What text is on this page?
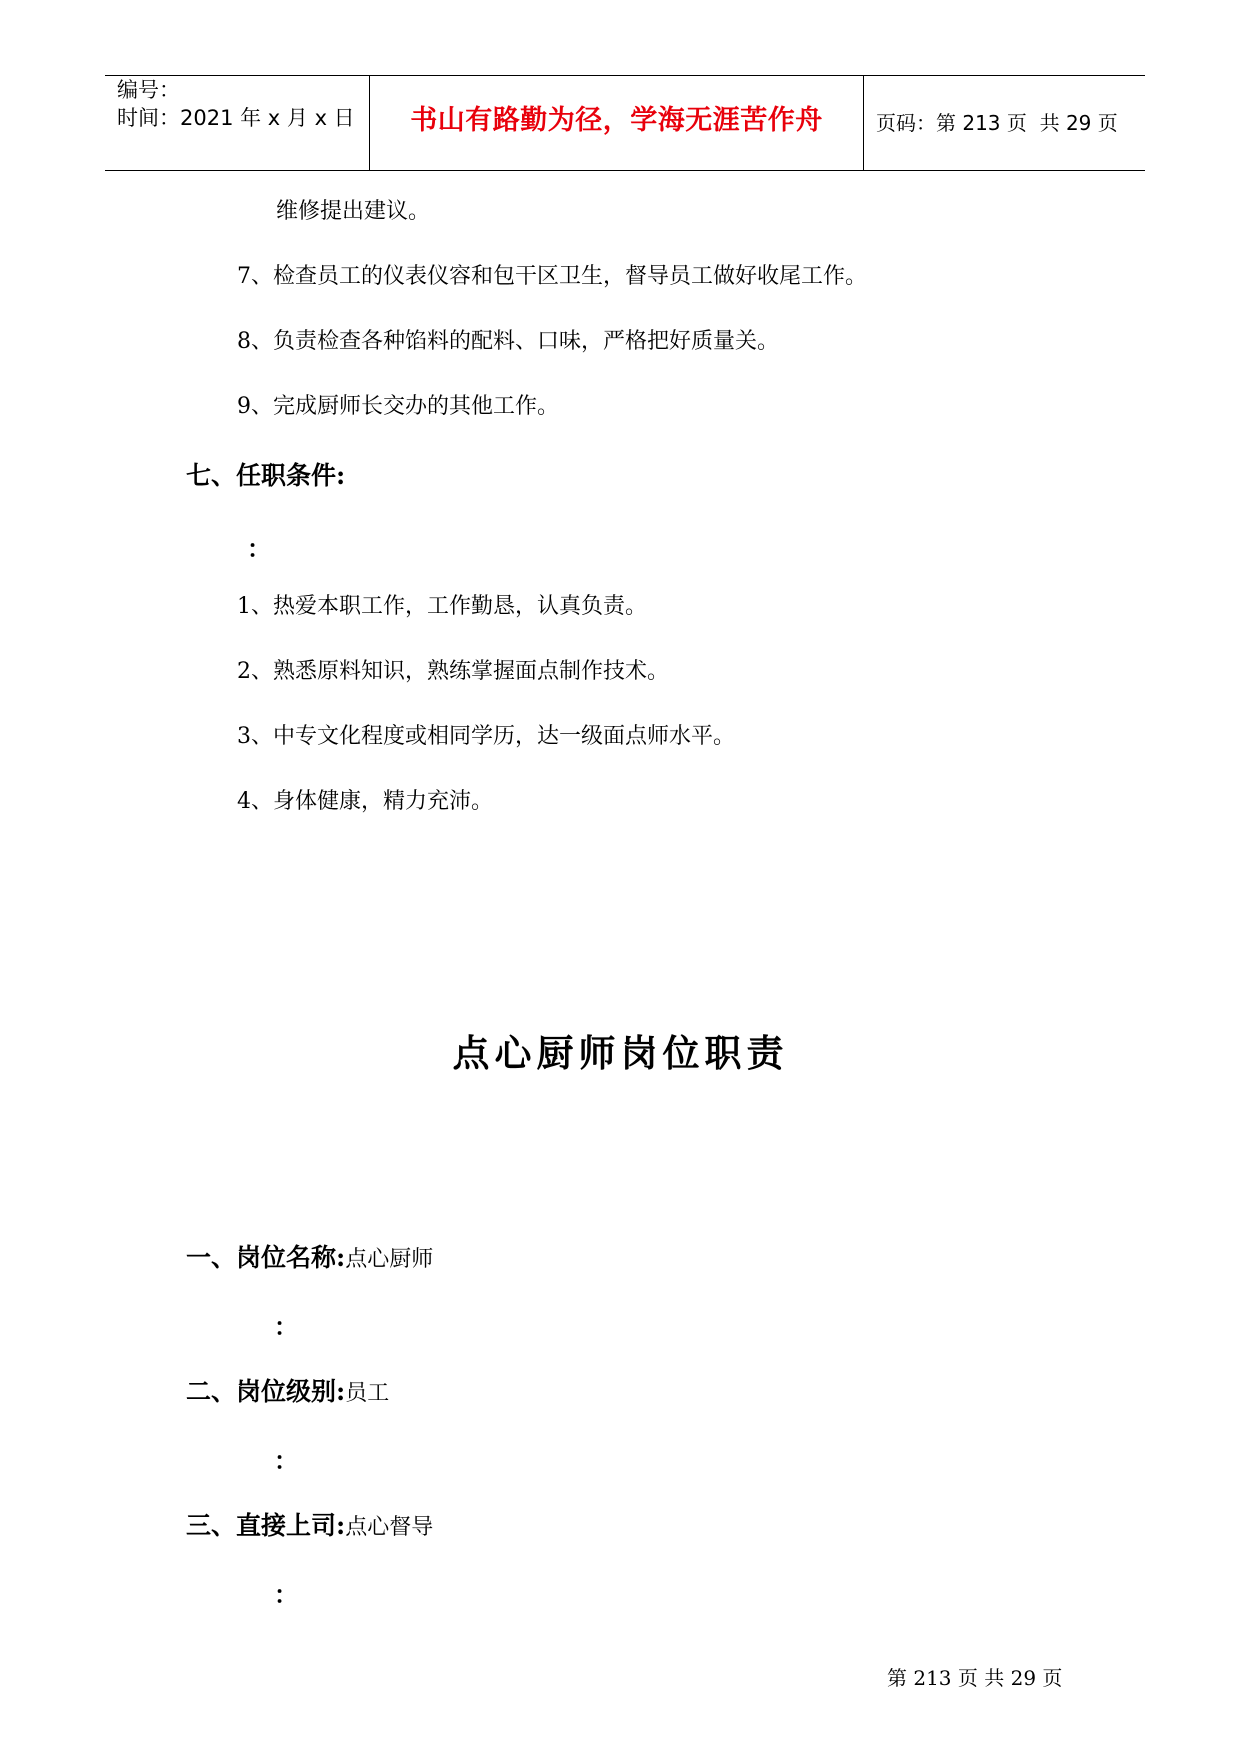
编号：
时间：2021 年 x 月 x 日	书山有路勤为径，学海无涯苦作舟	页码：第 213 页  共 29 页
维修提出建议。
7、检查员工的仪表仪容和包干区卫生，督导员工做好收尾工作。
8、负责检查各种馅料的配料、口味，严格把好质量关。
9、完成厨师长交办的其他工作。
七、任职条件:
：
1、热爱本职工作，工作勤恳，认真负责。
2、熟悉原料知识，熟练掌握面点制作技术。
3、中专文化程度或相同学历，达一级面点师水平。
4、身体健康，精力充沛。
点心厨师岗位职责
一、岗位名称:点心厨师
：
二、岗位级别:员工
：
三、直接上司:点心督导
：
第 213 页 共 29 页
